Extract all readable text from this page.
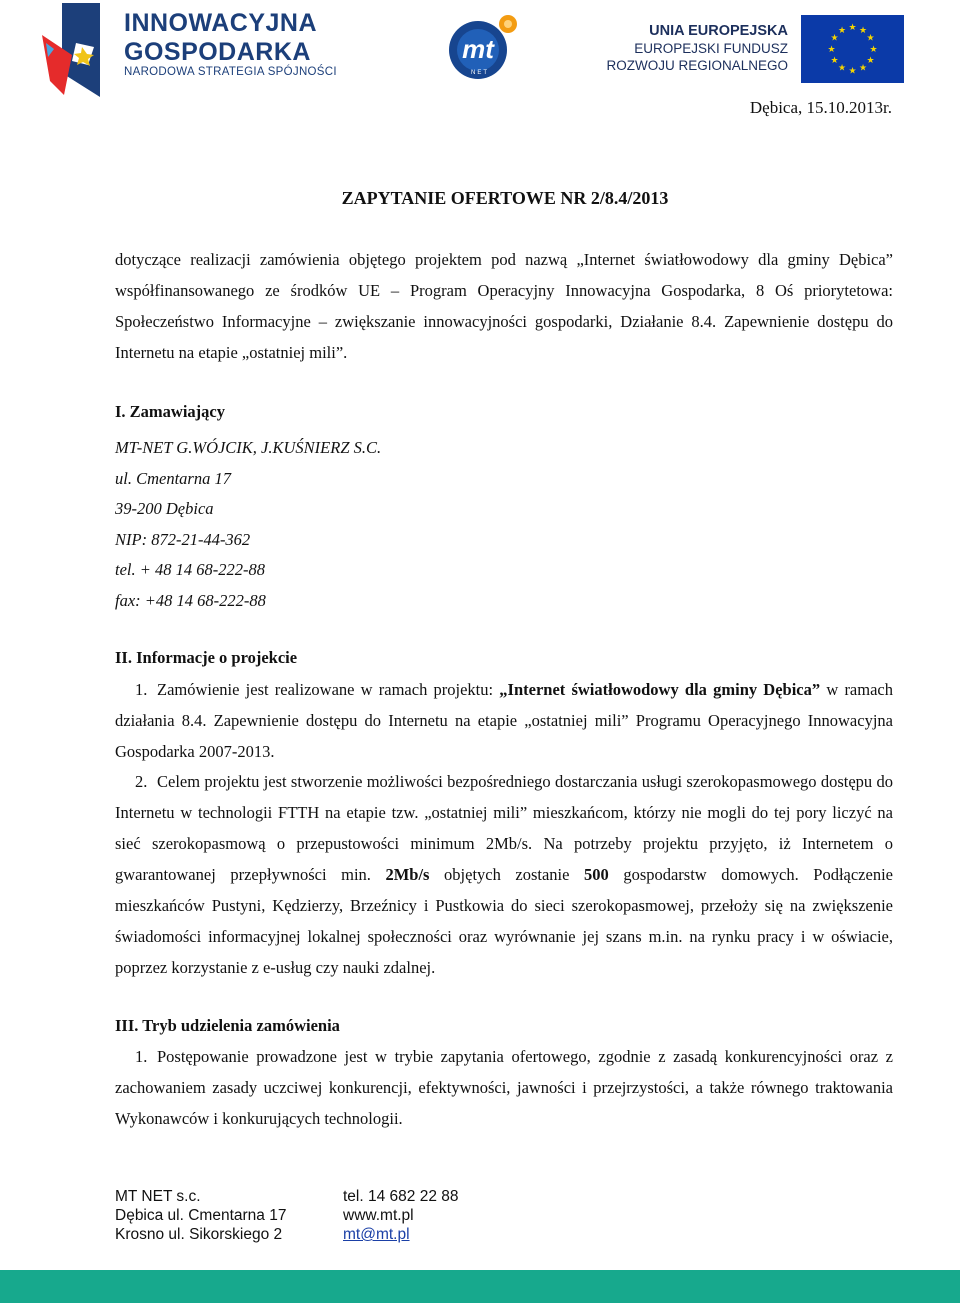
INNOWACYJNA
GOSPODARKA
NARODOWA STRATEGIA SPÓJNOŚCI
mt
NET
UNIA EUROPEJSKA
EUROPEJSKI FUNDUSZ
ROZWOJU REGIONALNEGO
★ ★
★
★
★
★
★
★
★
★
★
★
Dębica, 15.10.2013r.
ZAPYTANIE OFERTOWE NR 2/8.4/2013

dotyczące realizacji zamówienia objętego projektem pod nazwą „Internet światłowodowy dla gminy Dębica” współfinansowanego ze środków UE – Program Operacyjny Innowacyjna Gospodarka, 8 Oś priorytetowa: Społeczeństwo Informacyjne – zwiększanie innowacyjności gospodarki, Działanie 8.4. Zapewnienie dostępu do Internetu na etapie „ostatniej mili”.

I. Zamawiający
MT-NET G.WÓJCIK, J.KUŚNIERZ S.C.
ul. Cmentarna 17
39-200 Dębica
NIP: 872-21-44-362
tel. + 48 14 68-222-88
fax: +48 14 68-222-88
II. Informacje o projekcie

1. Zamówienie jest realizowane w ramach projektu: „Internet światłowodowy dla gminy Dębica” w ramach działania 8.4. Zapewnienie dostępu do Internetu na etapie „ostatniej mili” Programu Operacyjnego Innowacyjna Gospodarka 2007-2013.

2. Celem projektu jest stworzenie możliwości bezpośredniego dostarczania usługi szerokopasmowego dostępu do Internetu w technologii FTTH na etapie tzw. „ostatniej mili” mieszkańcom, którzy nie mogli do tej pory liczyć na sieć szerokopasmową o przepustowości minimum 2Mb/s. Na potrzeby projektu przyjęto, iż Internetem o gwarantowanej przepływności min. 2Mb/s objętych zostanie 500 gospodarstw domowych. Podłączenie mieszkańców Pustyni, Kędzierzy, Brzeźnicy i Pustkowia do sieci szerokopasmowej, przełoży się na zwiększenie świadomości informacyjnej lokalnej społeczności oraz wyrównanie jej szans m.in. na rynku pracy i w oświacie, poprzez korzystanie z e-usług czy nauki zdalnej.

III. Tryb udzielenia zamówienia

1. Postępowanie prowadzone jest w trybie zapytania ofertowego, zgodnie z zasadą konkurencyjności oraz z zachowaniem zasady uczciwej konkurencji, efektywności, jawności i przejrzystości, a także równego traktowania Wykonawców i konkurujących technologii.

MT NET s.c.
Dębica ul. Cmentarna 17
Krosno ul. Sikorskiego 2
tel. 14 682 22 88
www.mt.pl
mt@mt.pl
